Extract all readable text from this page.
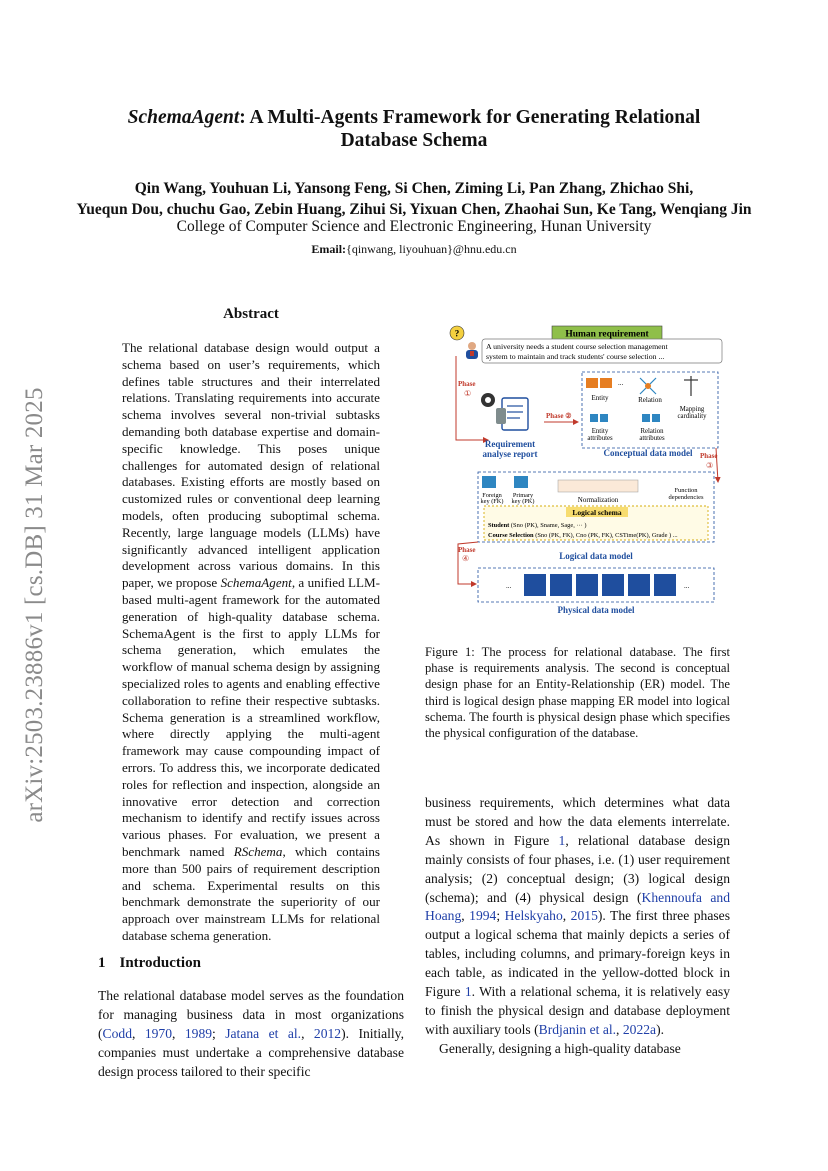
arXiv:2503.23886v1 [cs.DB] 31 Mar 2025
SchemaAgent: A Multi-Agents Framework for Generating Relational
Database Schema
Qin Wang, Youhuan Li, Yansong Feng, Si Chen, Ziming Li, Pan Zhang, Zhichao Shi,
Yuequn Dou, chuchu Gao, Zebin Huang, Zihui Si, Yixuan Chen, Zhaohai Sun, Ke Tang, Wenqiang Jin
College of Computer Science and Electronic Engineering, Hunan University
Email:{qinwang, liyouhuan}@hnu.edu.cn
Abstract
The relational database design would output a schema based on user’s requirements, which defines table structures and their interrelated relations. Translating requirements into accurate schema involves several non-trivial subtasks demanding both database expertise and domain-specific knowledge. This poses unique challenges for automated design of relational databases. Existing efforts are mostly based on customized rules or conventional deep learning models, often producing suboptimal schema. Recently, large language models (LLMs) have significantly advanced intelligent application development across various domains. In this paper, we propose SchemaAgent, a unified LLM-based multi-agent framework for the automated generation of high-quality database schema. SchemaAgent is the first to apply LLMs for schema generation, which emulates the workflow of manual schema design by assigning specialized roles to agents and enabling effective collaboration to refine their respective subtasks. Schema generation is a streamlined workflow, where directly applying the multi-agent framework may cause compounding impact of errors. To address this, we incorporate dedicated roles for reflection and inspection, alongside an innovative error detection and correction mechanism to identify and rectify issues across various phases. For evaluation, we present a benchmark named RSchema, which contains more than 500 pairs of requirement description and schema. Experimental results on this benchmark demonstrate the superiority of our approach over mainstream LLMs for relational database schema generation.
1 Introduction
The relational database model serves as the foundation for managing business data in most organizations (Codd, 1970, 1989; Jatana et al., 2012). Initially, companies must undertake a comprehensive database design process tailored to their specific
Human requirement
A university needs a student course selection management
system to maintain and track students' course selection ...
?
Phase
①
Requirement
analyse report
Phase ②
...
Entity	Relation
Mapping
cardinality
Entity
attributes
Relation
attributes
Conceptual data model Phase
③
Foreign
key (FK)
Primary
key (PK)	Normalization
Function
dependencies
Logical schema
Student (Sno (PK), Sname, Sage, ··· )
Course Selection (Sno (PK, FK), Cno (PK, FK), CSTime(PK), Grade ) ...
Logical data model
Phase
④
...	...
Physical data model
Figure 1: The process for relational database. The first phase is requirements analysis. The second is conceptual design phase for an Entity-Relationship (ER) model. The third is logical design phase mapping ER model into logical schema. The fourth is physical design phase which specifies the physical configuration of the database.

business requirements, which determines what data must be stored and how the data elements interrelate. As shown in Figure 1, relational database design mainly consists of four phases, i.e. (1) user requirement analysis; (2) conceptual design; (3) logical design (schema); and (4) physical design (Khennoufa and Hoang, 1994; Helskyaho, 2015). The first three phases output a logical schema that mainly depicts a series of tables, including columns, and primary-foreign keys in each table, as indicated in the yellow-dotted block in Figure 1. With a relational schema, it is relatively easy to finish the physical design and database deployment with auxiliary tools (Brdjanin et al., 2022a).

Generally, designing a high-quality database
